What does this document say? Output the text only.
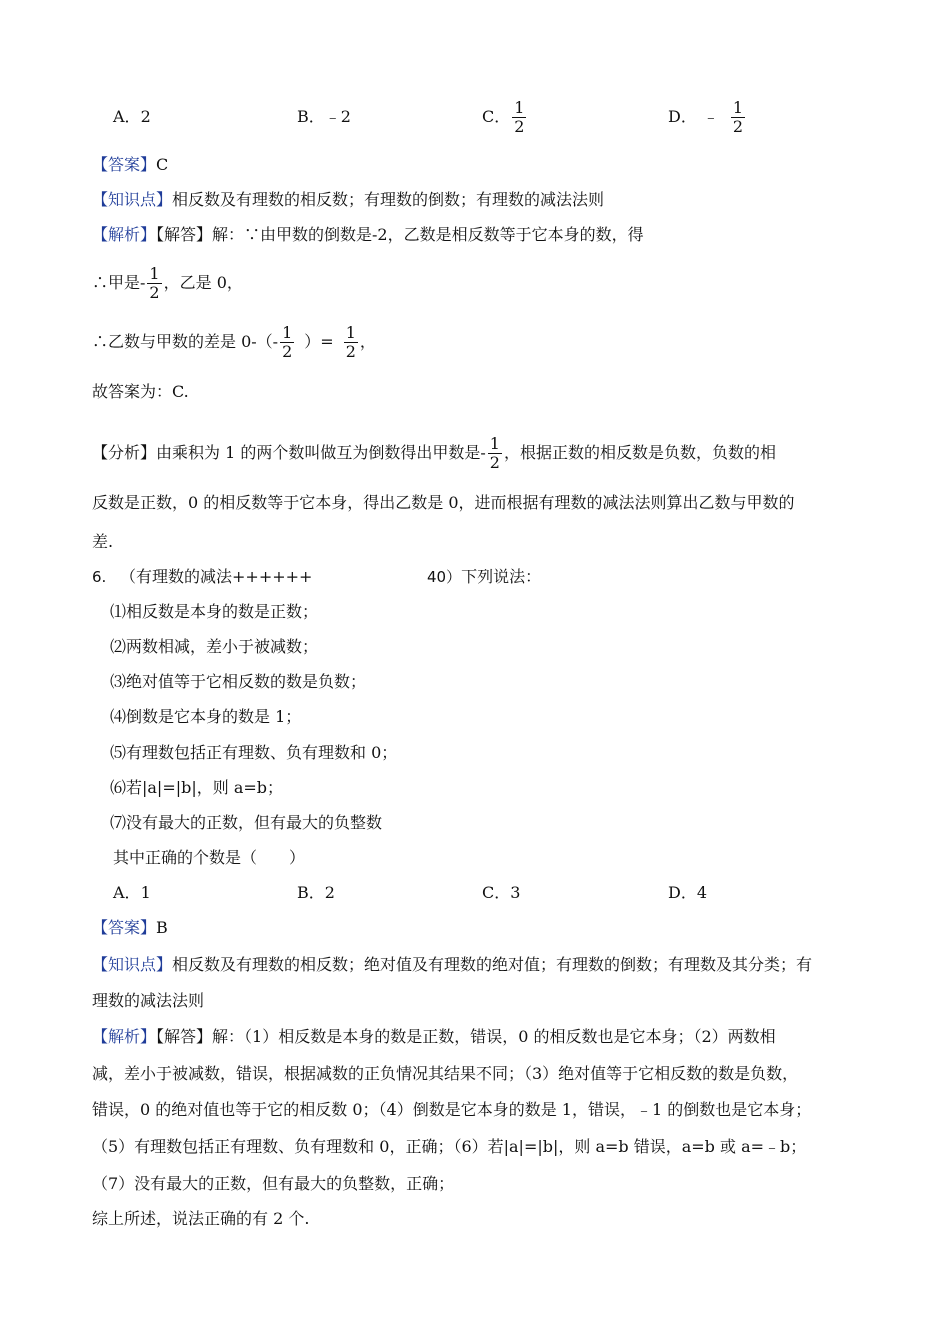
A．2	B．﹣2	C． $\frac{1}{2}$	D． ﹣ $\frac{1}{2}$
【答案】C
【知识点】相反数及有理数的相反数；有理数的倒数；有理数的减法法则
【解析】【解答】解：∵由甲数的倒数是-2，乙数是相反数等于它本身的数，得
∴甲是- $\frac{1}{2}$ ，乙是 0，
∴乙数与甲数的差是 $0-(- \frac{1}{2}$ ）= $\frac{1}{2}$ ，
故答案为：C.
【分析】由乘积为 1 的两个数叫做互为倒数得出甲数是- $\frac{1}{2}$ ，根据正数的相反数是负数，负数的相
反数是正数，0 的相反数等于它本身，得出乙数是 0，进而根据有理数的减法法则算出乙数与甲数的
差.
6. （有理数的减法++++++	40）下列说法：
⑴相反数是本身的数是正数；
⑵两数相减，差小于被减数；
⑶绝对值等于它相反数的数是负数；
⑷倒数是它本身的数是 1；
⑸有理数包括正有理数、负有理数和 0；
⑹若|a|=|b|，则 a=b；
⑺没有最大的正数，但有最大的负整数
其中正确的个数是（　　）
A．1	B．2	C．3	D．4
【答案】B
【知识点】相反数及有理数的相反数；绝对值及有理数的绝对值；有理数的倒数；有理数及其分类；有
理数的减法法则
【解析】【解答】解：（1）相反数是本身的数是正数，错误，0 的相反数也是它本身；（2）两数相
减，差小于被减数，错误，根据减数的正负情况其结果不同；（3）绝对值等于它相反数的数是负数，
错误，0 的绝对值也等于它的相反数 0；（4）倒数是它本身的数是 1，错误，﹣1 的倒数也是它本身；
（5）有理数包括正有理数、负有理数和 0，正确；（6）若|a|=|b|，则 a=b 错误，a=b 或 a=﹣b；
（7）没有最大的正数，但有最大的负整数，正确；
综上所述，说法正确的有 2 个.
